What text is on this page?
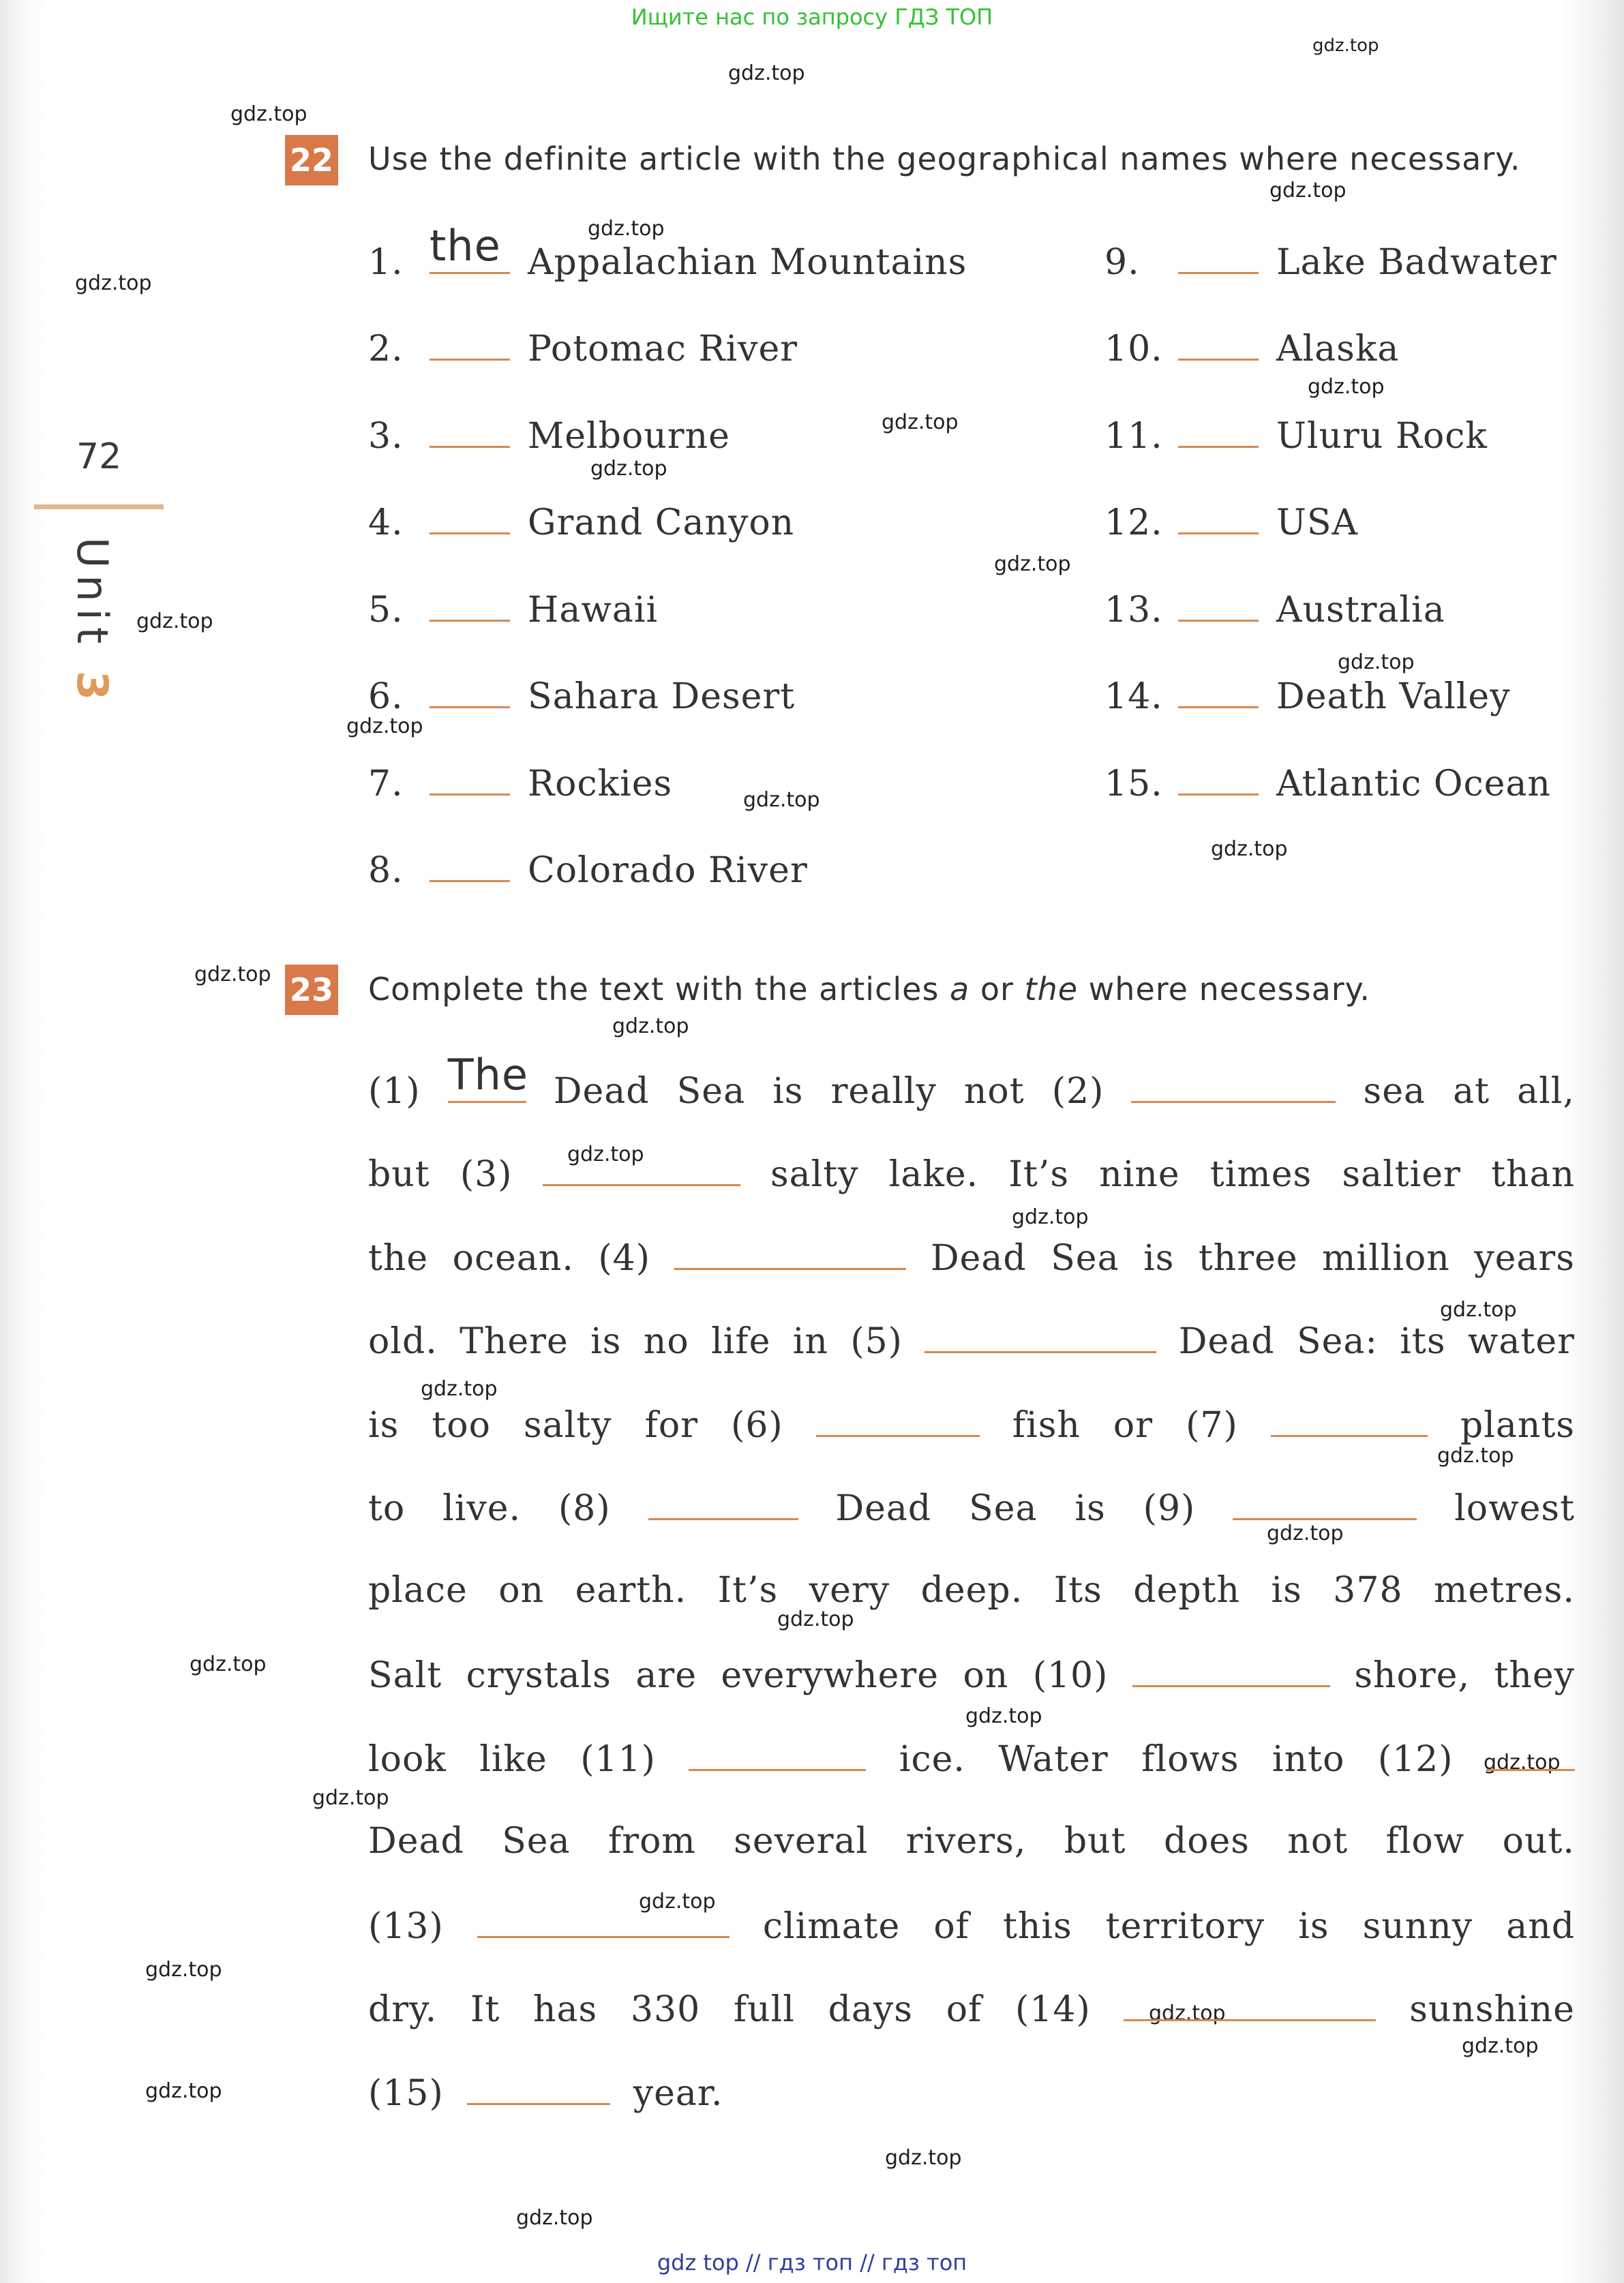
Ищите нас по запросу ГДЗ ТОП
gdz.top
gdz.top
gdz.top
gdz.top
gdz.top
gdz.top
gdz.top
gdz.top
gdz.top
gdz.top
gdz.top
gdz.top
gdz.top
gdz.top
gdz.top
gdz.top
gdz.top
gdz.top
gdz.top
gdz.top
gdz.top
gdz.top
gdz.top
gdz.top
gdz.top
gdz.top
gdz.top
gdz.top
gdz.top
gdz.top
gdz.top
gdz.top
gdz.top
gdz.top
gdz.top
72
Unit 3
22 Use the definite article with the geographical names where necessary.
1. the Appalachian Mountains
2.	Potomac River
3.	Melbourne
4.	Grand Canyon
5.	Hawaii
6.	Sahara Desert
7.	Rockies
8.	Colorado River
9.	Lake Badwater
10.	Alaska
11.	Uluru Rock
12.	USA
13.	Australia
14.	Death Valley
15.	Atlantic Ocean
23 Complete the text with the articles a or the where necessary.
(1) The Dead Sea is really not (2)	sea at all,
but (3)	salty lake. It’s nine times saltier than
the ocean. (4)	Dead Sea is three million years
old. There is no life in (5)	Dead Sea: its water
is too salty for (6)	fish or (7)	plants
to live. (8)	Dead Sea is (9)	lowest
place on earth. It’s very deep. Its depth is 378 metres.
Salt crystals are everywhere on (10)	shore, they
look like (11)	ice. Water flows into (12)
Dead Sea from several rivers, but does not flow out.
(13)	climate of this territory is sunny and
dry. It has 330 full days of (14)	sunshine
(15)	year.
gdz top // гдз топ // гдз топ
